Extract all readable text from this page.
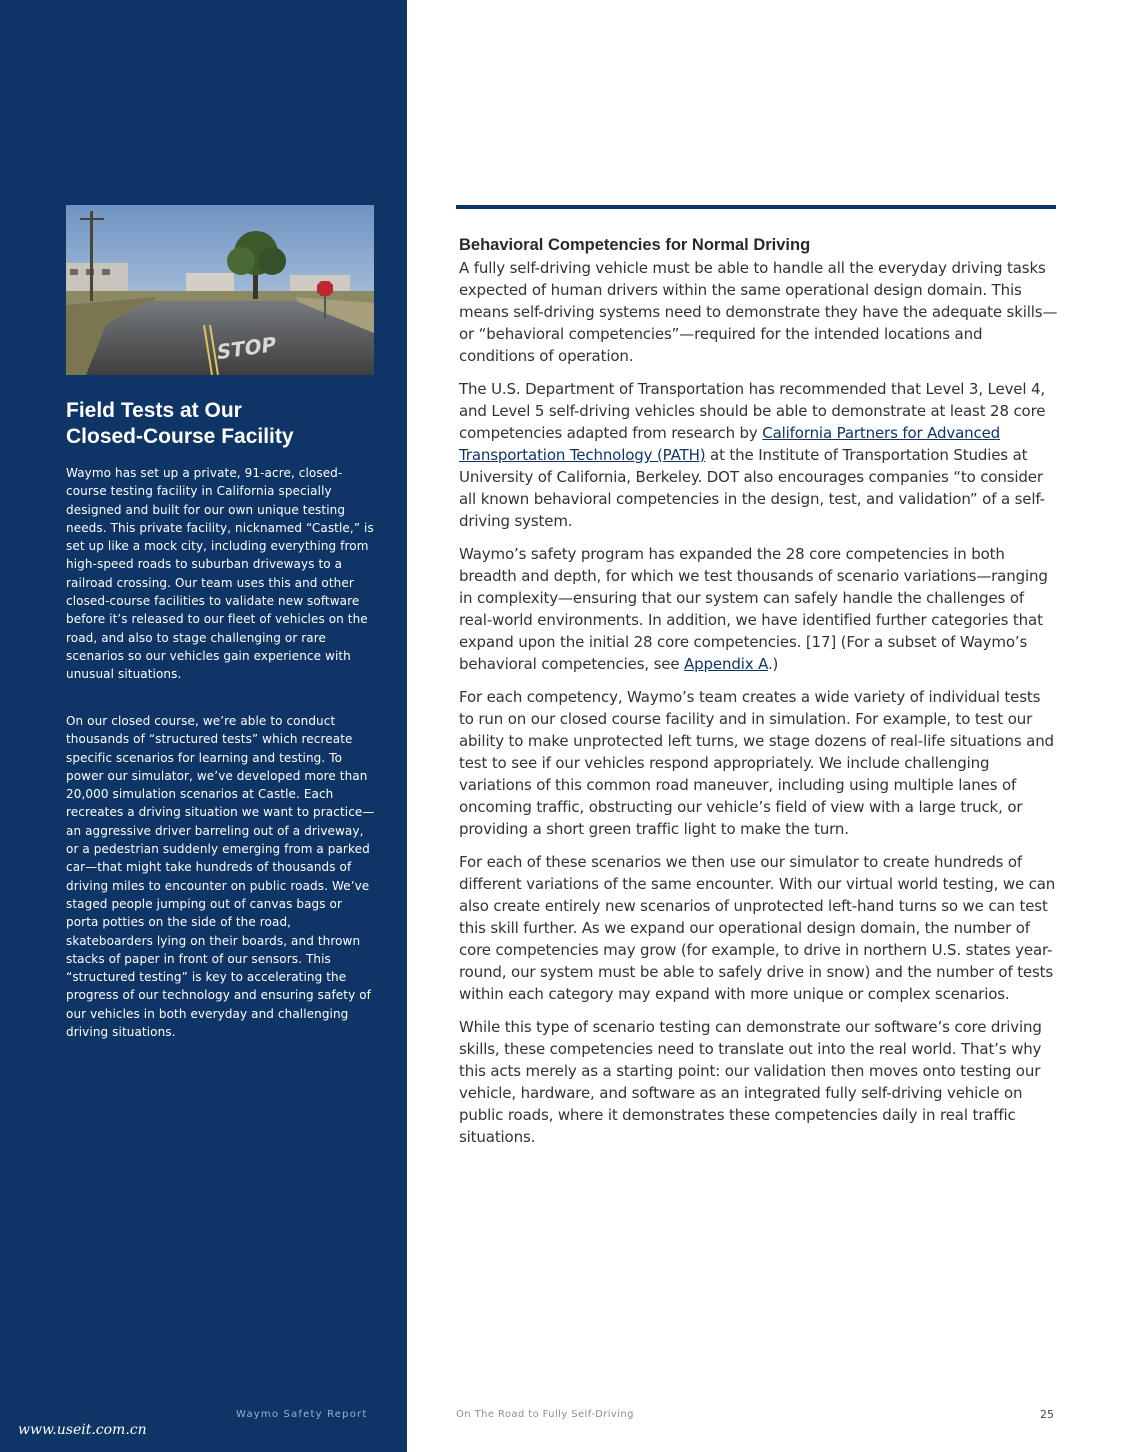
STOP
Field Tests at Our
Closed-Course Facility

Waymo has set up a private, 91-acre, closed-course testing facility in California specially designed and built for our own unique testing needs. This private facility, nicknamed “Castle,” is set up like a mock city, including everything from high-speed roads to suburban driveways to a railroad crossing. Our team uses this and other closed-course facilities to validate new software before it’s released to our fleet of vehicles on the road, and also to stage challenging or rare scenarios so our vehicles gain experience with unusual situations.

On our closed course, we’re able to conduct thousands of “structured tests” which recreate specific scenarios for learning and testing. To power our simulator, we’ve developed more than 20,000 simulation scenarios at Castle. Each recreates a driving situation we want to practice—an aggressive driver barreling out of a driveway, or a pedestrian suddenly emerging from a parked car—that might take hundreds of thousands of driving miles to encounter on public roads. We’ve staged people jumping out of canvas bags or porta potties on the side of the road, skateboarders lying on their boards, and thrown stacks of paper in front of our sensors. This “structured testing” is key to accelerating the progress of our technology and ensuring safety of our vehicles in both everyday and challenging driving situations.

Behavioral Competencies for Normal Driving

A fully self-driving vehicle must be able to handle all the everyday driving tasks expected of human drivers within the same operational design domain. This means self-driving systems need to demonstrate they have the adequate skills—or “behavioral competencies”—required for the intended locations and conditions of operation.

The U.S. Department of Transportation has recommended that Level 3, Level 4, and Level 5 self-driving vehicles should be able to demonstrate at least 28 core competencies adapted from research by California Partners for Advanced Transportation Technology (PATH) at the Institute of Transportation Studies at University of California, Berkeley. DOT also encourages companies “to consider all known behavioral competencies in the design, test, and validation” of a self-driving system.

Waymo’s safety program has expanded the 28 core competencies in both breadth and depth, for which we test thousands of scenario variations—ranging in complexity—ensuring that our system can safely handle the challenges of real-world environments. In addition, we have identified further categories that expand upon the initial 28 core competencies. [17] (For a subset of Waymo’s behavioral competencies, see Appendix A.)

For each competency, Waymo’s team creates a wide variety of individual tests to run on our closed course facility and in simulation. For example, to test our ability to make unprotected left turns, we stage dozens of real-life situations and test to see if our vehicles respond appropriately. We include challenging variations of this common road maneuver, including using multiple lanes of oncoming traffic, obstructing our vehicle’s field of view with a large truck, or providing a short green traffic light to make the turn.

For each of these scenarios we then use our simulator to create hundreds of different variations of the same encounter. With our virtual world testing, we can also create entirely new scenarios of unprotected left-hand turns so we can test this skill further. As we expand our operational design domain, the number of core competencies may grow (for example, to drive in northern U.S. states year-round, our system must be able to safely drive in snow) and the number of tests within each category may expand with more unique or complex scenarios.

While this type of scenario testing can demonstrate our software’s core driving skills, these competencies need to translate out into the real world. That’s why this acts merely as a starting point: our validation then moves onto testing our vehicle, hardware, and software as an integrated fully self-driving vehicle on public roads, where it demonstrates these competencies daily in real traffic situations.

Waymo Safety Report	On The Road to Fully Self-Driving	25
www.useit.com.cn
